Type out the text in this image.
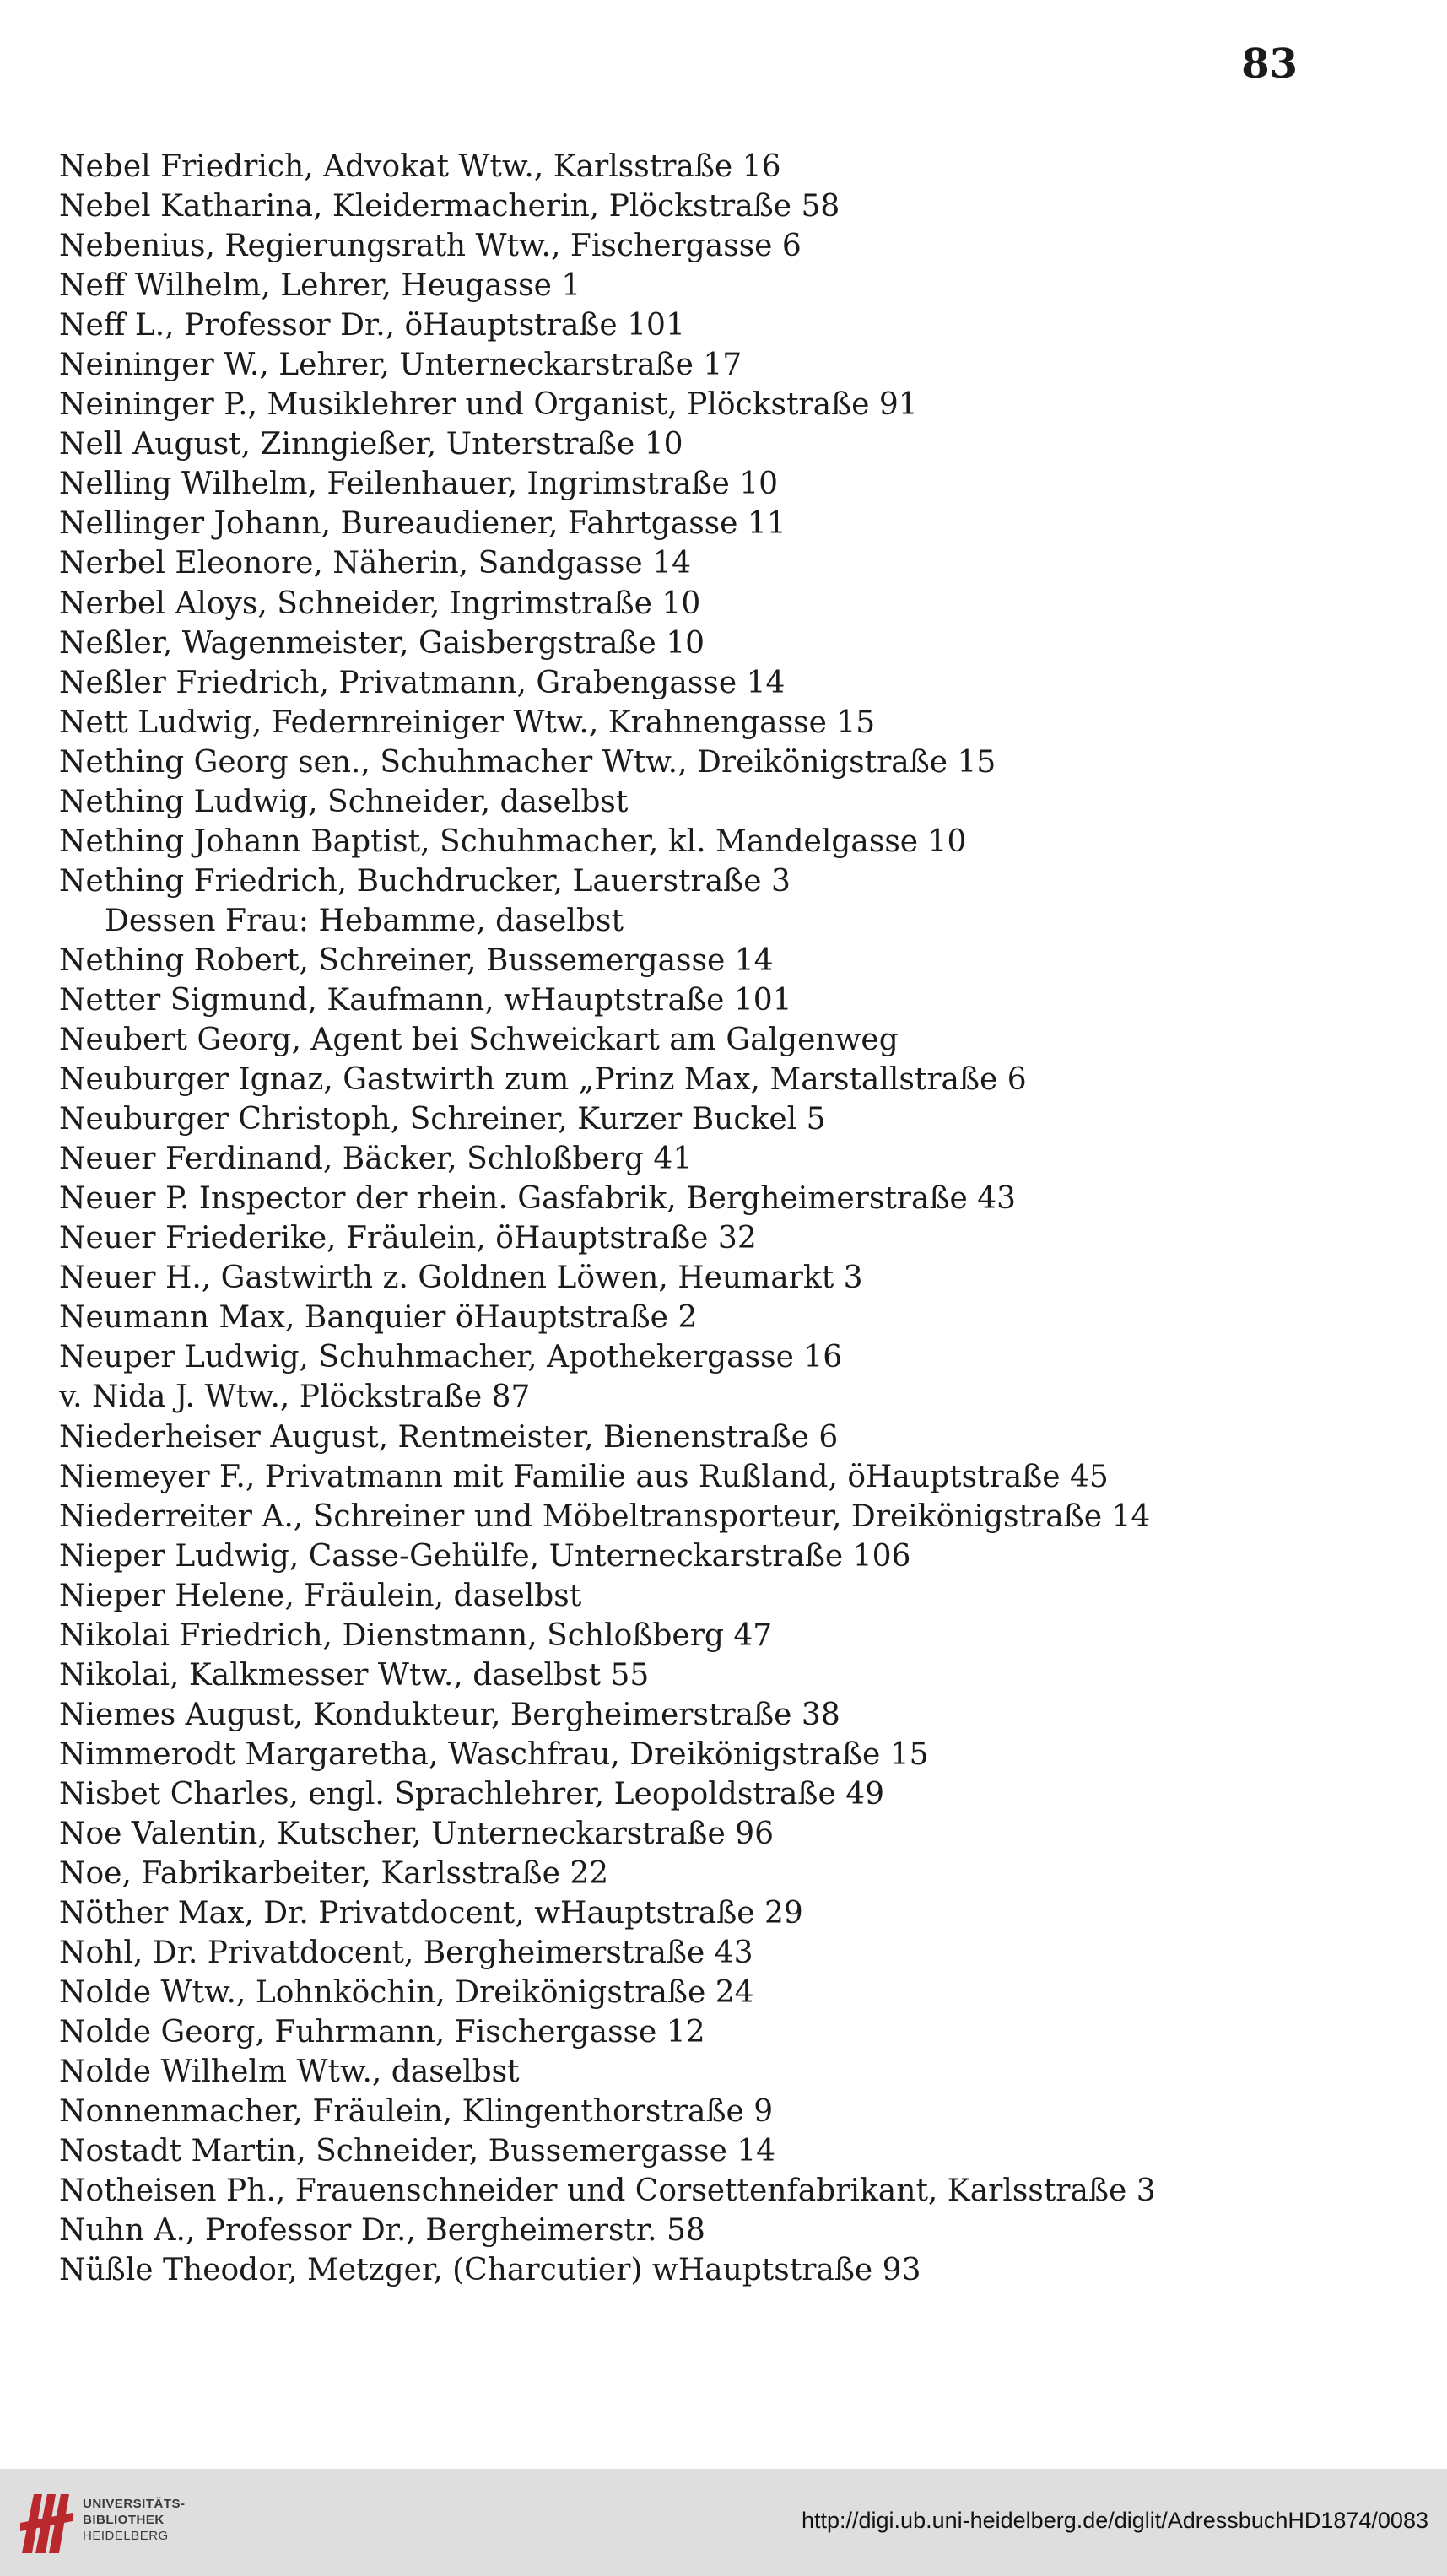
83
Nebel Friedrich, Advokat Wtw., Karlsstraße 16
Nebel Katharina, Kleidermacherin, Plöckstraße 58
Nebenius, Regierungsrath Wtw., Fischergasse 6
Neff Wilhelm, Lehrer, Heugasse 1
Neff L., Professor Dr., öHauptstraße 101
Neininger W., Lehrer, Unterneckarstraße 17
Neininger P., Musiklehrer und Organist, Plöckstraße 91
Nell August, Zinngießer, Unterstraße 10
Nelling Wilhelm, Feilenhauer, Ingrimstraße 10
Nellinger Johann, Bureaudiener, Fahrtgasse 11
Nerbel Eleonore, Näherin, Sandgasse 14
Nerbel Aloys, Schneider, Ingrimstraße 10
Neßler, Wagenmeister, Gaisbergstraße 10
Neßler Friedrich, Privatmann, Grabengasse 14
Nett Ludwig, Federnreiniger Wtw., Krahnengasse 15
Nething Georg sen., Schuhmacher Wtw., Dreikönigstraße 15
Nething Ludwig, Schneider, daselbst
Nething Johann Baptist, Schuhmacher, kl. Mandelgasse 10
Nething Friedrich, Buchdrucker, Lauerstraße 3
Dessen Frau: Hebamme, daselbst
Nething Robert, Schreiner, Bussemergasse 14
Netter Sigmund, Kaufmann, wHauptstraße 101
Neubert Georg, Agent bei Schweickart am Galgenweg
Neuburger Ignaz, Gastwirth zum „Prinz Max, Marstallstraße 6
Neuburger Christoph, Schreiner, Kurzer Buckel 5
Neuer Ferdinand, Bäcker, Schloßberg 41
Neuer P. Inspector der rhein. Gasfabrik, Bergheimerstraße 43
Neuer Friederike, Fräulein, öHauptstraße 32
Neuer H., Gastwirth z. Goldnen Löwen, Heumarkt 3
Neumann Max, Banquier öHauptstraße 2
Neuper Ludwig, Schuhmacher, Apothekergasse 16
v. Nida J. Wtw., Plöckstraße 87
Niederheiser August, Rentmeister, Bienenstraße 6
Niemeyer F., Privatmann mit Familie aus Rußland, öHauptstraße 45
Niederreiter A., Schreiner und Möbeltransporteur, Dreikönigstraße 14
Nieper Ludwig, Casse-Gehülfe, Unterneckarstraße 106
Nieper Helene, Fräulein, daselbst
Nikolai Friedrich, Dienstmann, Schloßberg 47
Nikolai, Kalkmesser Wtw., daselbst 55
Niemes August, Kondukteur, Bergheimerstraße 38
Nimmerodt Margaretha, Waschfrau, Dreikönigstraße 15
Nisbet Charles, engl. Sprachlehrer, Leopoldstraße 49
Noe Valentin, Kutscher, Unterneckarstraße 96
Noe, Fabrikarbeiter, Karlsstraße 22
Nöther Max, Dr. Privatdocent, wHauptstraße 29
Nohl, Dr. Privatdocent, Bergheimerstraße 43
Nolde Wtw., Lohnköchin, Dreikönigstraße 24
Nolde Georg, Fuhrmann, Fischergasse 12
Nolde Wilhelm Wtw., daselbst
Nonnenmacher, Fräulein, Klingenthorstraße 9
Nostadt Martin, Schneider, Bussemergasse 14
Notheisen Ph., Frauenschneider und Corsettenfabrikant, Karlsstraße 3
Nuhn A., Professor Dr., Bergheimerstr. 58
Nüßle Theodor, Metzger, (Charcutier) wHauptstraße 93
UNIVERSITÄTS-
BIBLIOTHEK
HEIDELBERG
http://digi.ub.uni-heidelberg.de/diglit/AdressbuchHD1874/0083
